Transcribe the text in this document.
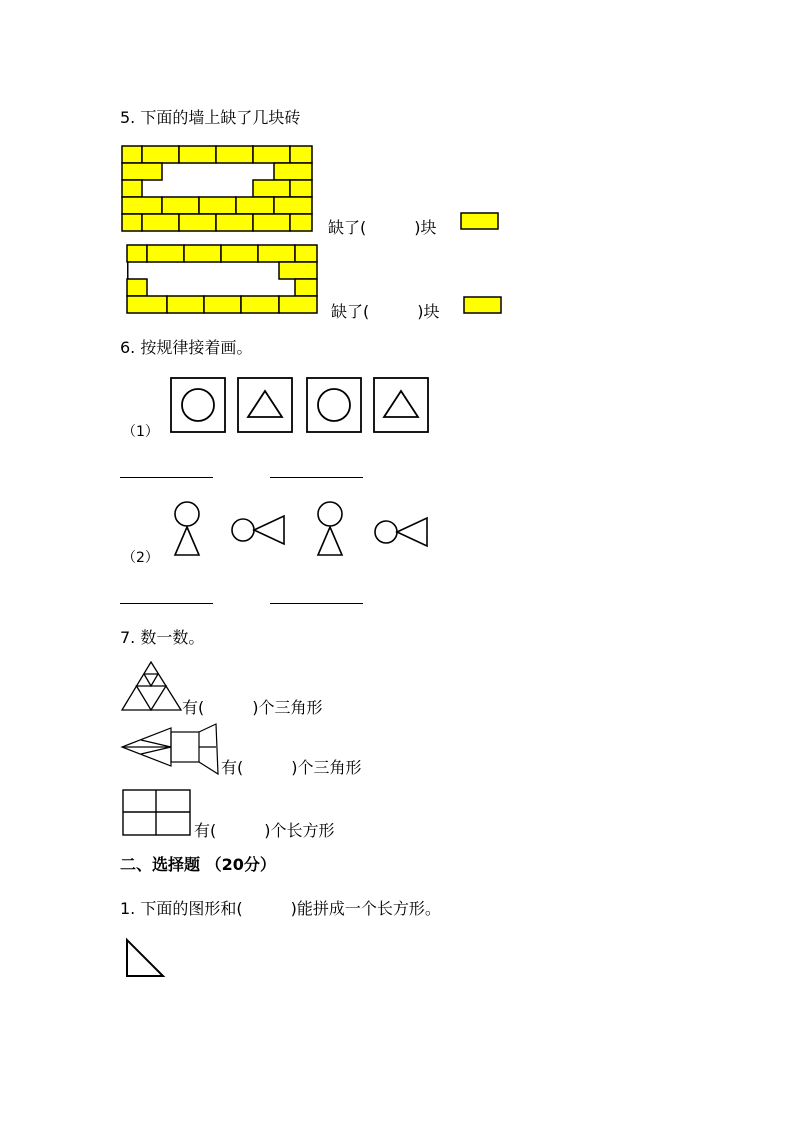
5. 下面的墙上缺了几块砖
缺了(　　　)块
缺了(　　　)块
6. 按规律接着画。
（1）
（2）
7. 数一数。
有(　　　)个三角形
有(　　　)个三角形
有(　　　)个长方形
二、选择题 （20分）
1. 下面的图形和(　　　)能拼成一个长方形。
